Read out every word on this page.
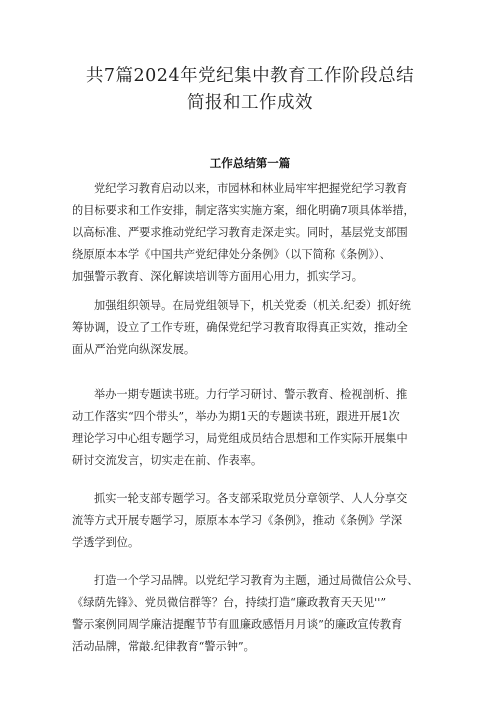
共7篇2024年党纪集中教育工作阶段总结
简报和工作成效
工作总结第一篇
党纪学习教育启动以来，市园林和林业局牢牢把握党纪学习教育
的目标要求和工作安排，制定落实实施方案，细化明确7项具体举措，
以高标准、严要求推动党纪学习教育走深走实。同时，基层党支部围
绕原原本本学《中国共产党纪律处分条例》（以下简称《条例》）、
加强警示教育、深化解读培训等方面用心用力，抓实学习。
加强组织领导。在局党组领导下，机关党委（机关.纪委）抓好统
筹协调，设立了工作专班，确保党纪学习教育取得真正实效，推动全
面从严治党向纵深发展。
举办一期专题读书班。力行学习研讨、警示教育、检视剖析、推
动工作落实“四个带头”，举办为期1天的专题读书班，跟进开展1次
理论学习中心组专题学习，局党组成员结合思想和工作实际开展集中
研讨交流发言，切实走在前、作表率。
抓实一轮支部专题学习。各支部采取党员分章领学、人人分享交
流等方式开展专题学习，原原本本学习《条例》，推动《条例》学深
学透学到位。
打造一个学习品牌。以党纪学习教育为主题，通过局微信公众号、
《绿荫先锋》、党员微信群等？台，持续打造“廉政教育天天见''”
警示案例同周学廉洁提醒节节有皿廉政感悟月月谈”的廉政宣传教育
活动品牌，常敲.纪律教育“警示钟”。
